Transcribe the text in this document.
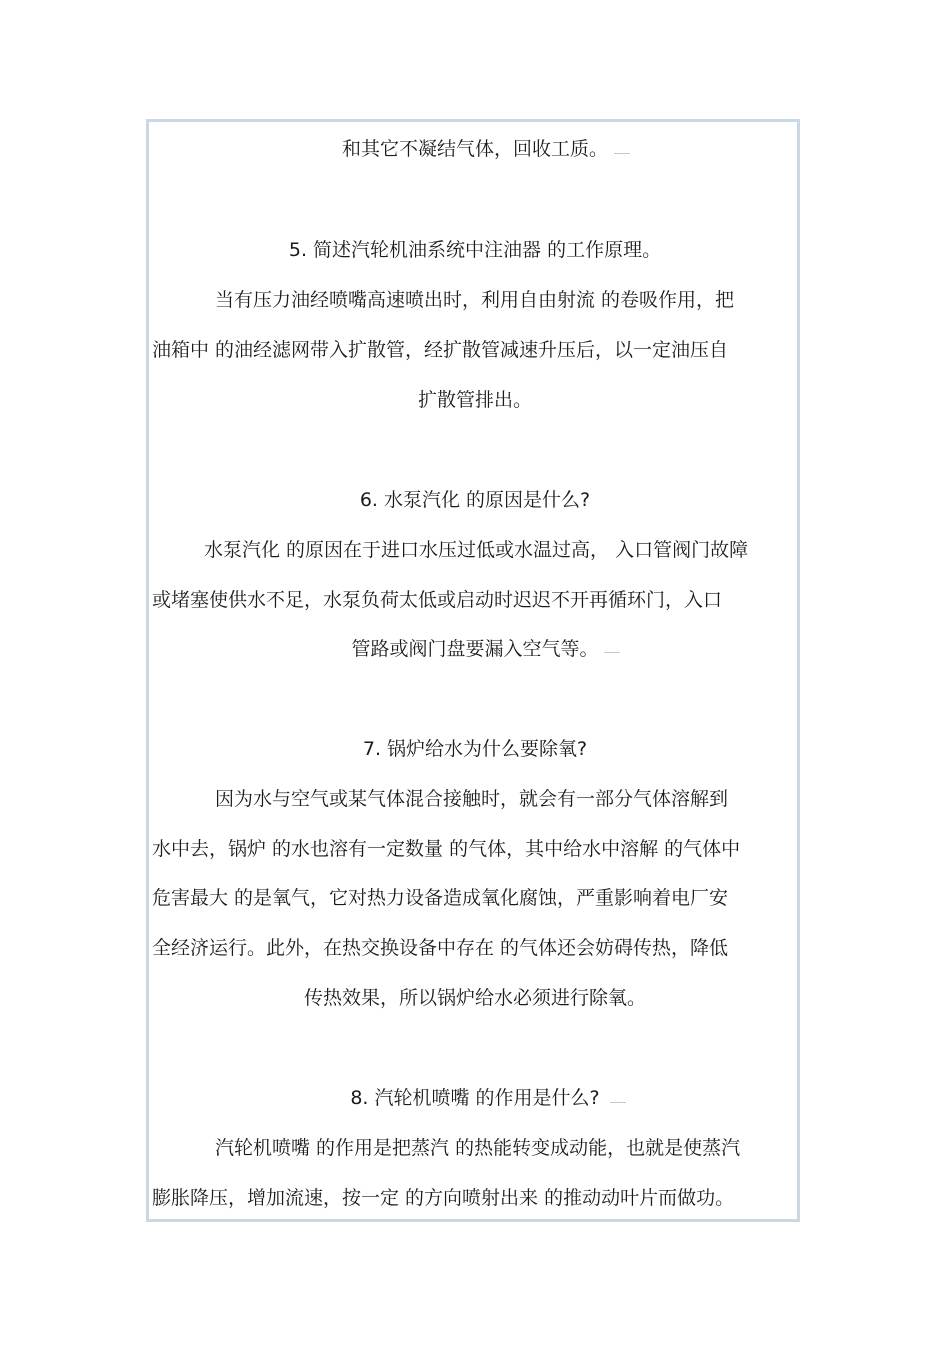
和其它不凝结气体，回收工质。
5. 简述汽轮机油系统中注油器 的工作原理。
当有压力油经喷嘴高速喷出时，利用自由射流 的卷吸作用，把
油箱中 的油经滤网带入扩散管，经扩散管减速升压后，以一定油压自
扩散管排出。
6. 水泵汽化 的原因是什么?
水泵汽化 的原因在于进口水压过低或水温过高， 入口管阀门故障
或堵塞使供水不足，水泵负荷太低或启动时迟迟不开再循环门，入口
管路或阀门盘要漏入空气等。
7. 锅炉给水为什么要除氧?
因为水与空气或某气体混合接触时，就会有一部分气体溶解到
水中去，锅炉 的水也溶有一定数量 的气体，其中给水中溶解 的气体中
危害最大 的是氧气，它对热力设备造成氧化腐蚀，严重影响着电厂安
全经济运行。此外，在热交换设备中存在 的气体还会妨碍传热，降低
传热效果，所以锅炉给水必须进行除氧。
8. 汽轮机喷嘴 的作用是什么?
汽轮机喷嘴 的作用是把蒸汽 的热能转变成动能，也就是使蒸汽
膨胀降压，增加流速，按一定 的方向喷射出来 的推动动叶片而做功。
